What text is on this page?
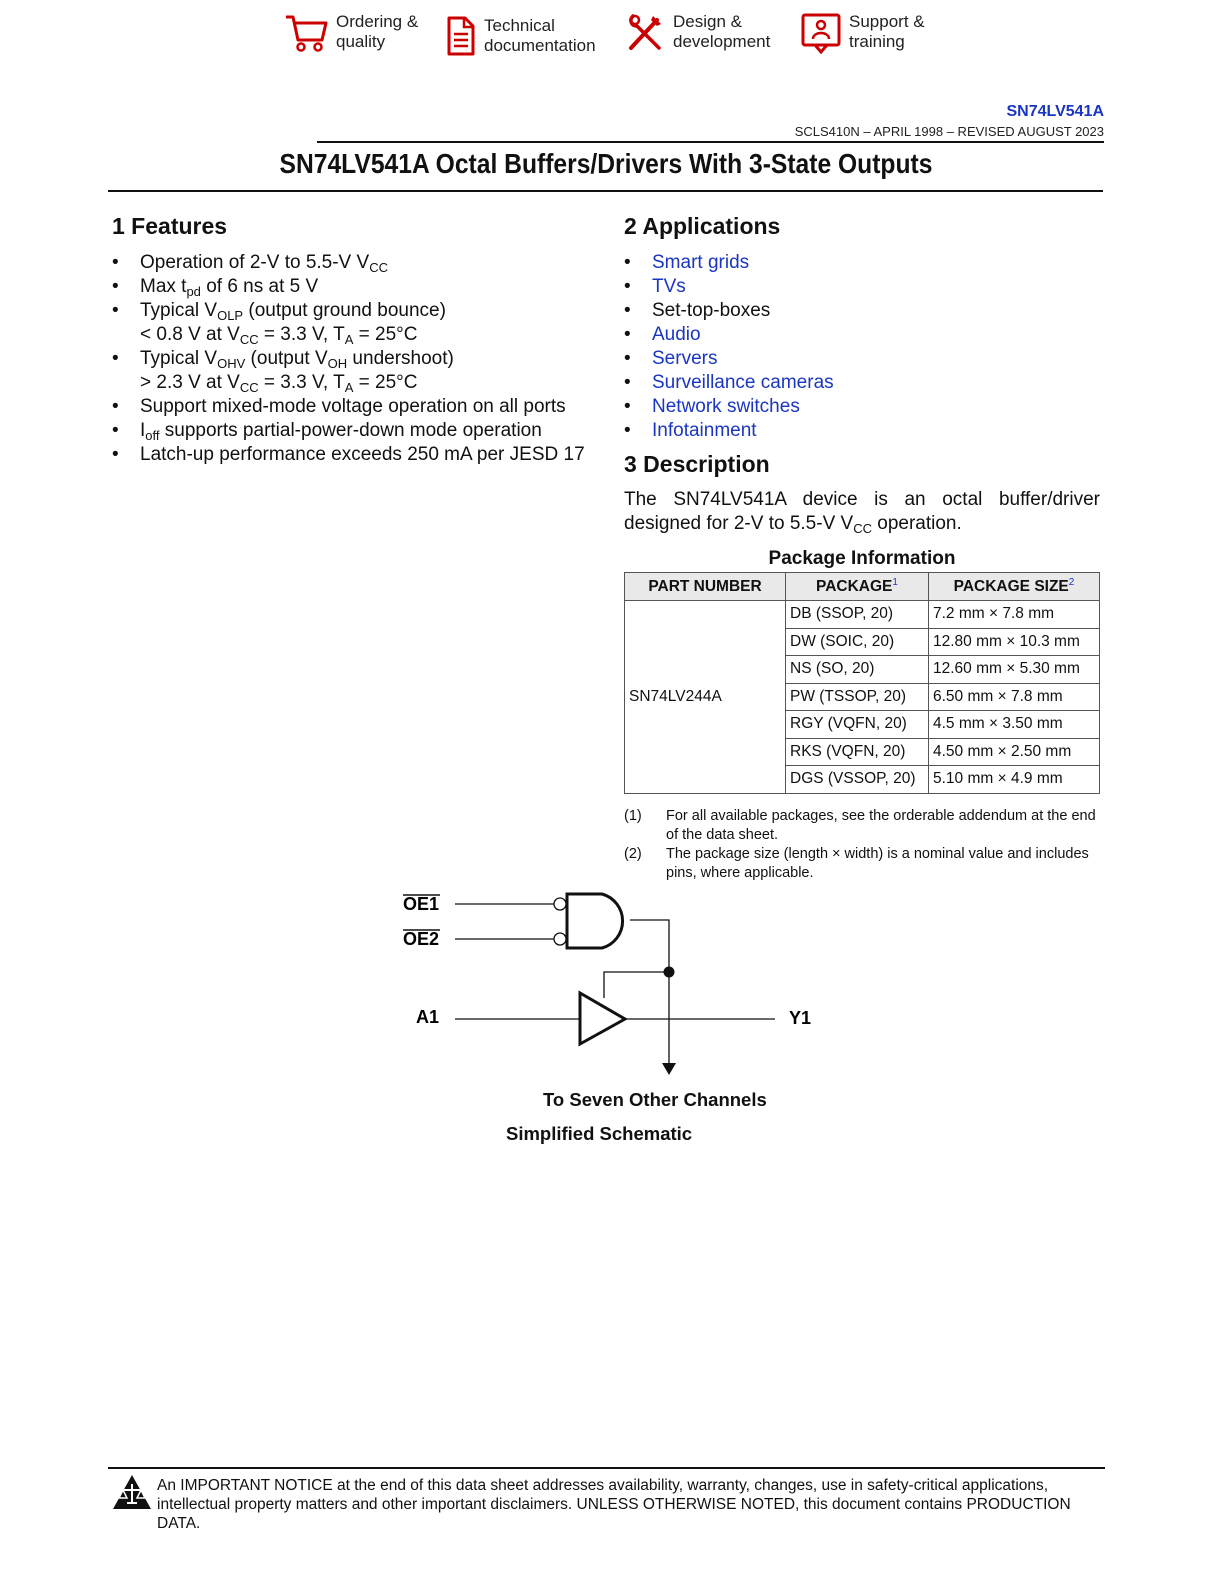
Ordering &
quality
Technical
documentation
Design &
development
Support &
training
SN74LV541A
SCLS410N – APRIL 1998 – REVISED AUGUST 2023
SN74LV541A Octal Buffers/Drivers With 3-State Outputs
1 Features
• Operation of 2-V to 5.5-V $V_{CC}$
• Max $t_{pd}$ of 6 ns at 5 V
• Typical $V_{OLP}$ (output ground bounce)
< 0.8 V at $V_{CC} = 3.3$ V, $T_A = 25^\circ C$
• Typical $V_{OHV}$ (output $V_{OH}$ undershoot)
> 2.3 V at $V_{CC} = 3.3$ V, $T_A = 25^\circ C$
• Support mixed-mode voltage operation on all ports
• $I_{off}$ supports partial-power-down mode operation
• Latch-up performance exceeds 250 mA per JESD 17
2 Applications
• Smart grids
• TVs
• Set-top-boxes
• Audio
• Servers
• Surveillance cameras
• Network switches
• Infotainment
3 Description
The SN74LV541A device is an octal buffer/driver designed for 2-V to 5.5-V $V_{CC}$ operation.
Package Information
PART NUMBER	PACKAGE$^1$	PACKAGE SIZE$^2$
SN74LV244A	DB (SSOP, 20)	7.2 mm × 7.8 mm
	DW (SOIC, 20)	12.80 mm × 10.3 mm
	NS (SO, 20)	12.60 mm × 5.30 mm
	PW (TSSOP, 20)	6.50 mm × 7.8 mm
	RGY (VQFN, 20)	4.5 mm × 3.50 mm
	RKS (VQFN, 20)	4.50 mm × 2.50 mm
	DGS (VSSOP, 20)	5.10 mm × 4.9 mm
(1)	For all available packages, see the orderable addendum at the end of the data sheet.
(2)	The package size (length × width) is a nominal value and includes pins, where applicable.
OE1
OE2
A1	Y1
To Seven Other Channels
Simplified Schematic
An IMPORTANT NOTICE at the end of this data sheet addresses availability, warranty, changes, use in safety-critical applications, intellectual property matters and other important disclaimers. UNLESS OTHERWISE NOTED, this document contains PRODUCTION DATA.
